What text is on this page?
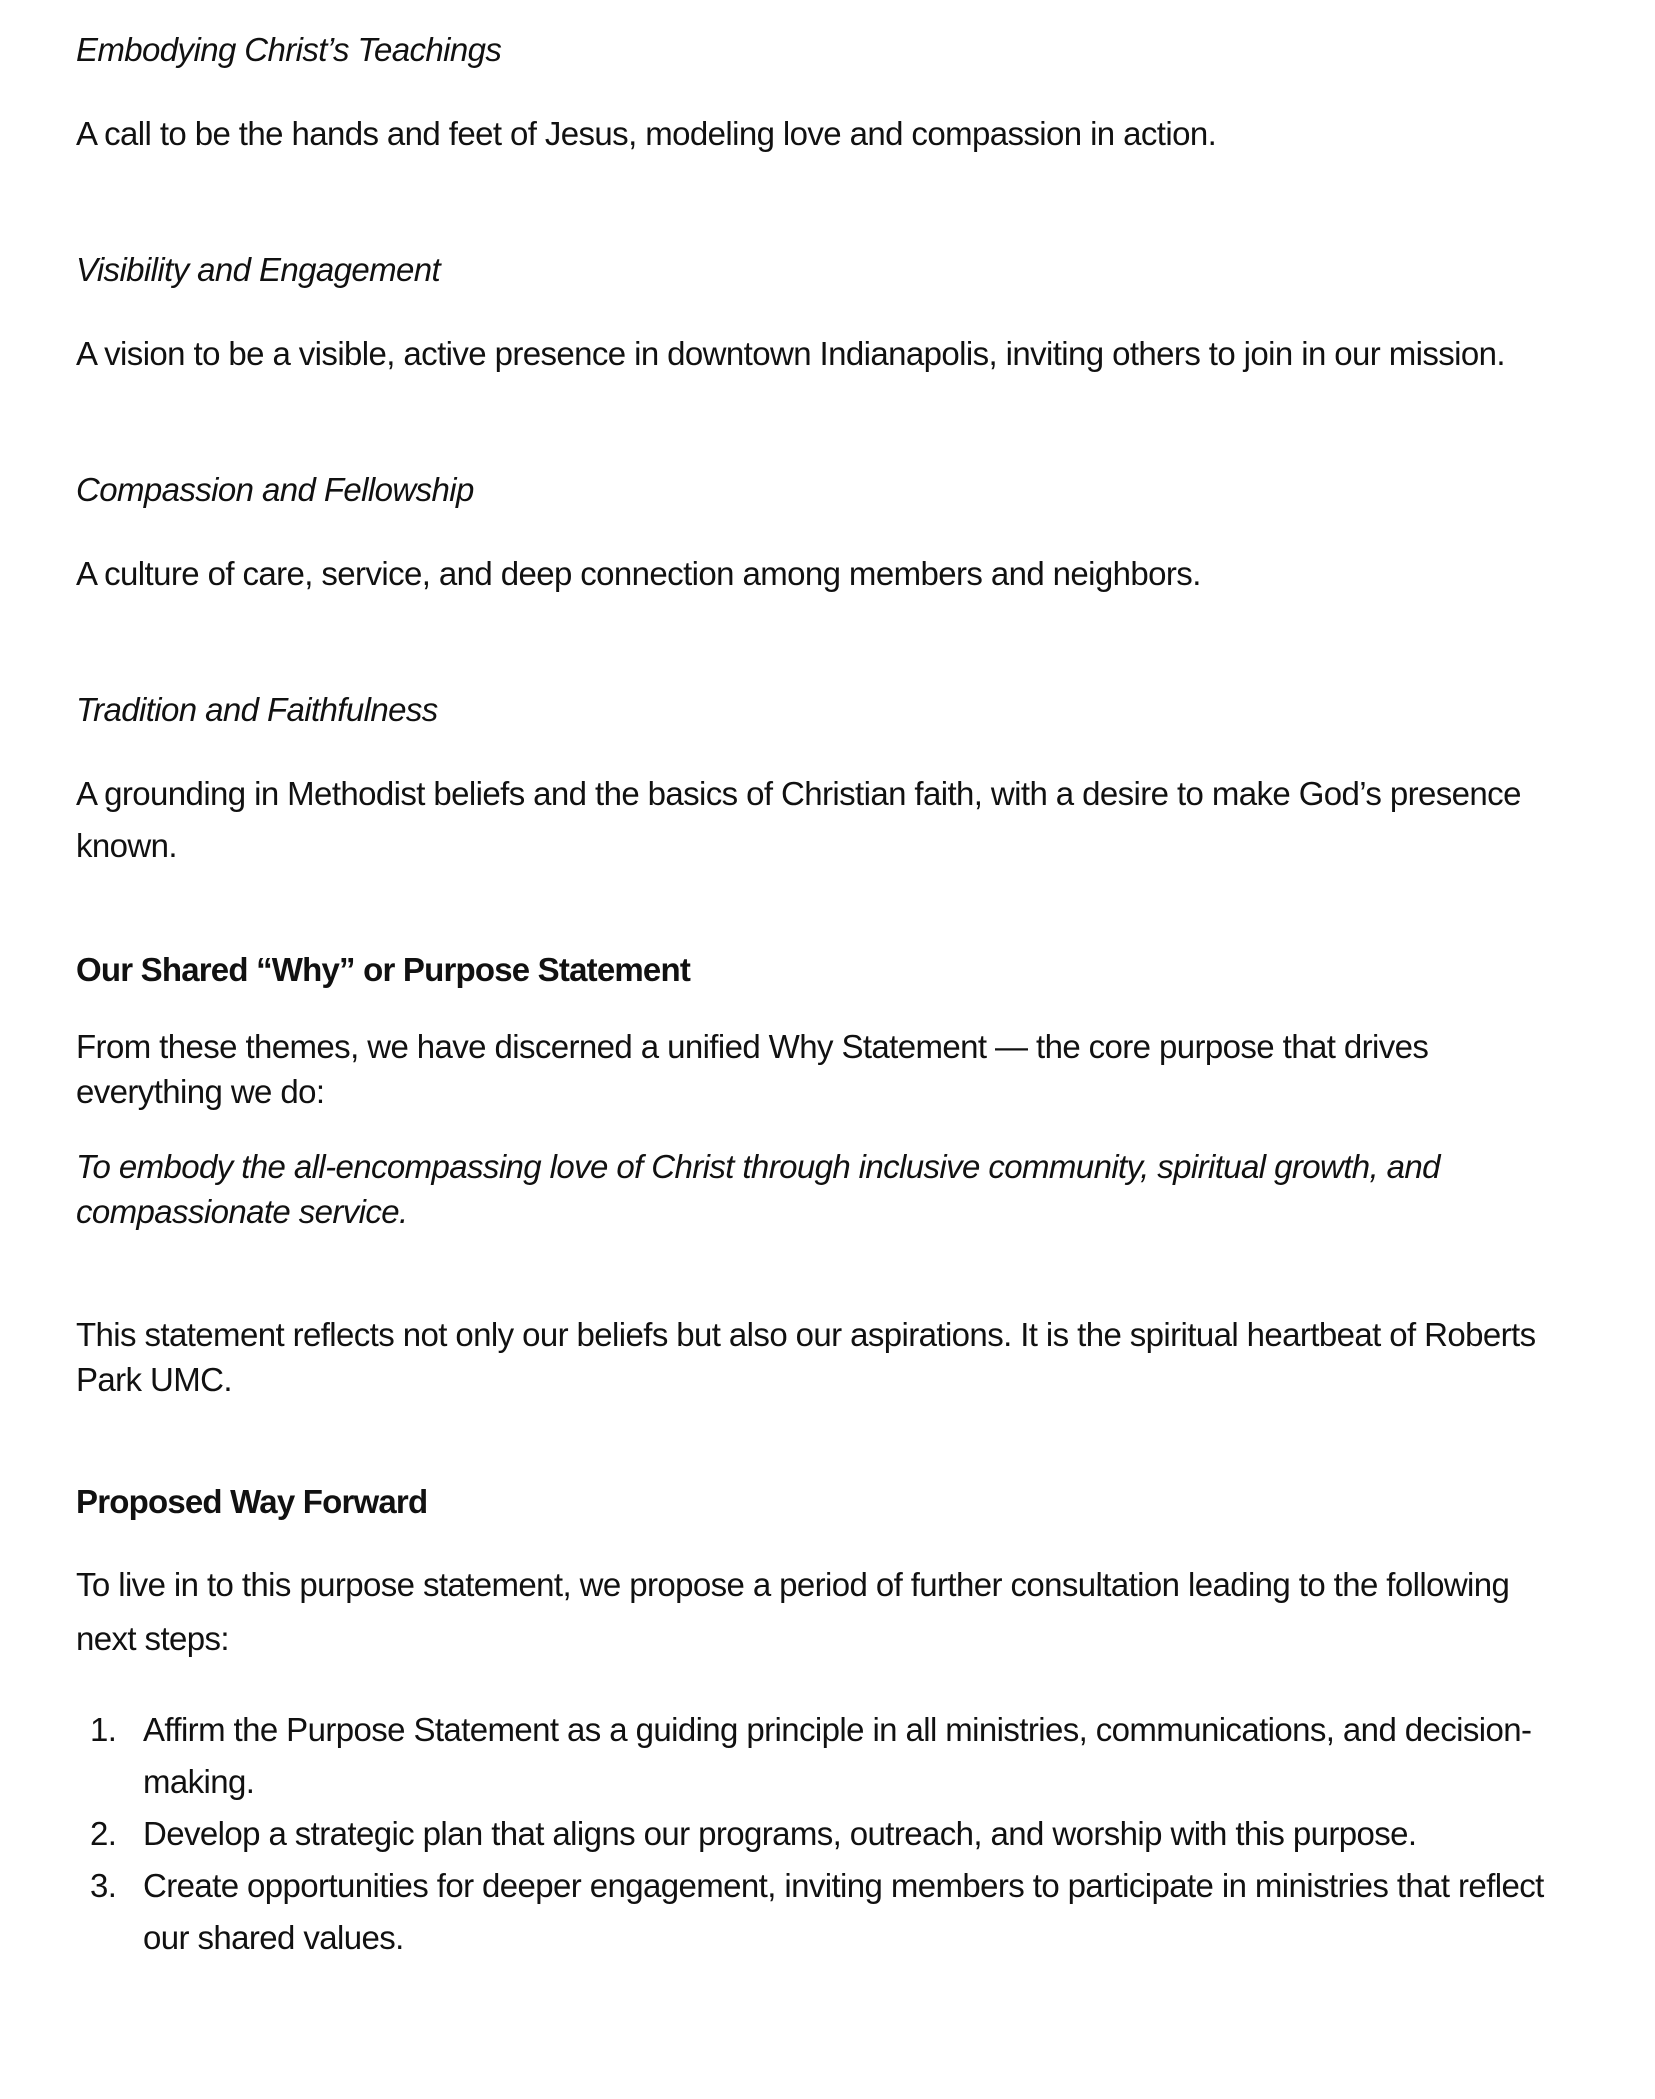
Embodying Christ’s Teachings

A call to be the hands and feet of Jesus, modeling love and compassion in action.

Visibility and Engagement

A vision to be a visible, active presence in downtown Indianapolis, inviting others to join in our mission.

Compassion and Fellowship

A culture of care, service, and deep connection among members and neighbors.

Tradition and Faithfulness

A grounding in Methodist beliefs and the basics of Christian faith, with a desire to make God’s presence known.

Our Shared “Why” or Purpose Statement

From these themes, we have discerned a unified Why Statement — the core purpose that drives everything we do:

To embody the all-encompassing love of Christ through inclusive community, spiritual growth, and compassionate service.

This statement reflects not only our beliefs but also our aspirations. It is the spiritual heartbeat of Roberts Park UMC.

Proposed Way Forward

To live in to this purpose statement, we propose a period of further consultation leading to the following next steps:

1. Affirm the Purpose Statement as a guiding principle in all ministries, communications, and decision-making.
2. Develop a strategic plan that aligns our programs, outreach, and worship with this purpose.
3. Create opportunities for deeper engagement, inviting members to participate in ministries that reflect our shared values.
